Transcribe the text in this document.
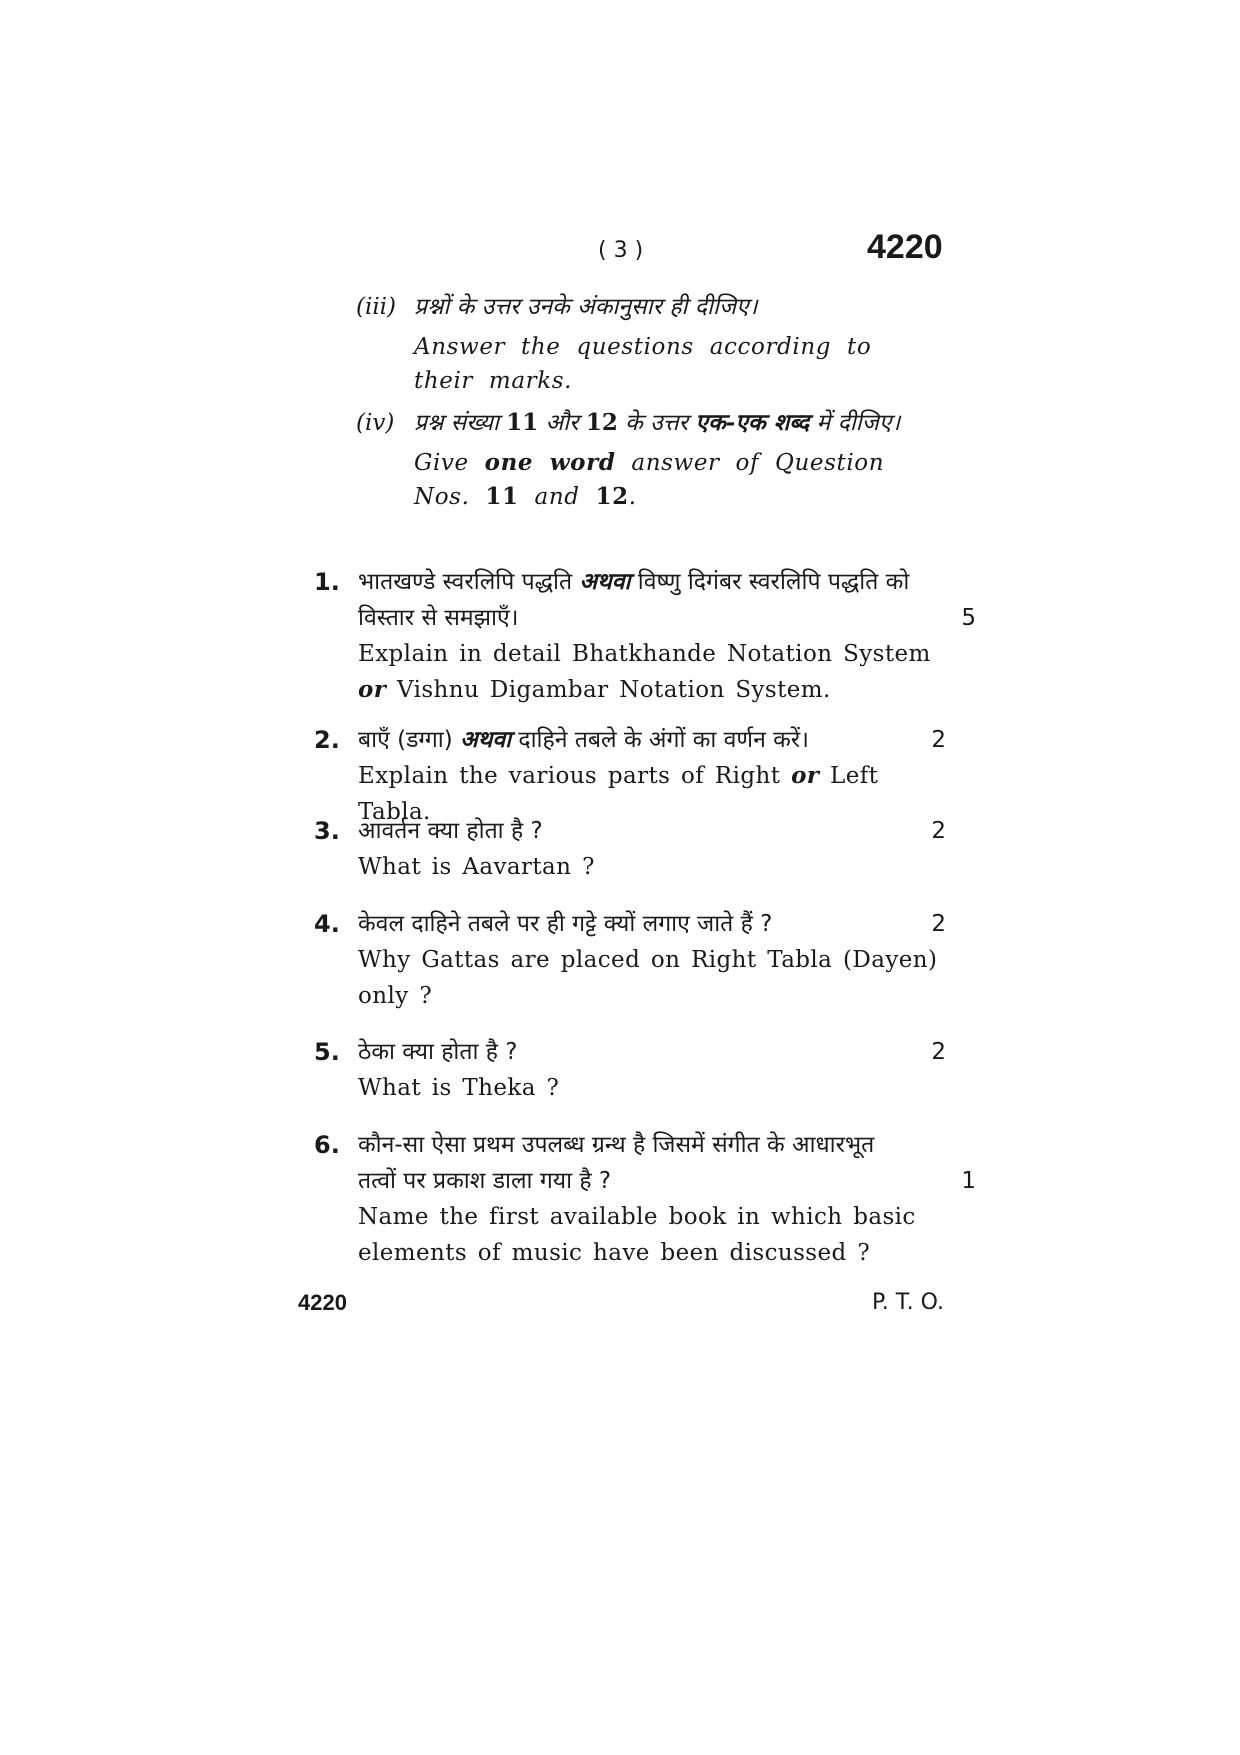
( 3 )	4220
(iii) प्रश्नों के उत्तर उनके अंकानुसार ही दीजिए।
Answer the questions according to their marks.
(iv) प्रश्न संख्या 11 और 12 के उत्तर एक-एक शब्द में दीजिए।
Give one word answer of Question Nos. 11 and 12.
1. भातखण्डे स्वरलिपि पद्धति अथवा विष्णु दिगंबर स्वरलिपि पद्धति को विस्तार से समझाएँ।	5
Explain in detail Bhatkhande Notation System or Vishnu Digambar Notation System.
2. बाएँ (डग्गा) अथवा दाहिने तबले के अंगों का वर्णन करें।	2
Explain the various parts of Right or Left Tabla.
3. आवर्तन क्या होता है ?	2
What is Aavartan ?
4. केवल दाहिने तबले पर ही गट्टे क्यों लगाए जाते हैं ?	2
Why Gattas are placed on Right Tabla (Dayen) only ?
5. ठेका क्या होता है ?	2
What is Theka ?
6. कौन-सा ऐसा प्रथम उपलब्ध ग्रन्थ है जिसमें संगीत के आधारभूत तत्वों पर प्रकाश डाला गया है ?	1
Name the first available book in which basic elements of music have been discussed ?
4220	P. T. O.
